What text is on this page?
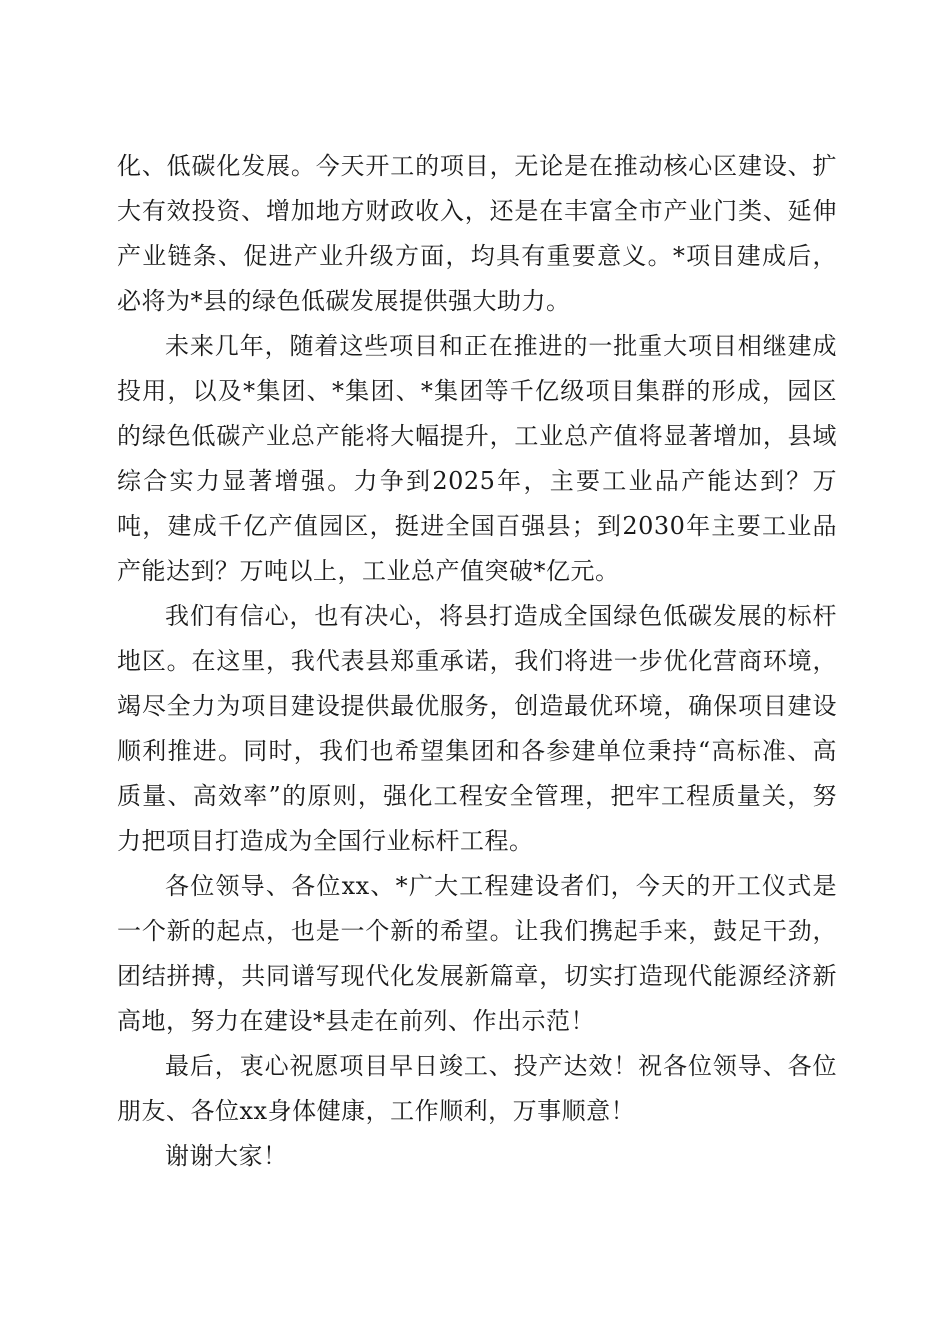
化、低碳化发展。今天开工的项目，无论是在推动核心区建设、扩大有效投资、增加地方财政收入，还是在丰富全市产业门类、延伸产业链条、促进产业升级方面，均具有重要意义。*项目建成后，必将为*县的绿色低碳发展提供强大助力。

未来几年，随着这些项目和正在推进的一批重大项目相继建成投用，以及*集团、*集团、*集团等千亿级项目集群的形成，园区的绿色低碳产业总产能将大幅提升，工业总产值将显著增加，县域综合实力显著增强。力争到2025年，主要工业品产能达到？万吨，建成千亿产值园区，挺进全国百强县；到2030年主要工业品产能达到？万吨以上，工业总产值突破*亿元。

我们有信心，也有决心，将县打造成全国绿色低碳发展的标杆地区。在这里，我代表县郑重承诺，我们将进一步优化营商环境，竭尽全力为项目建设提供最优服务，创造最优环境，确保项目建设顺利推进。同时，我们也希望集团和各参建单位秉持“高标准、高质量、高效率”的原则，强化工程安全管理，把牢工程质量关，努力把项目打造成为全国行业标杆工程。

各位领导、各位xx、*广大工程建设者们，今天的开工仪式是一个新的起点，也是一个新的希望。让我们携起手来，鼓足干劲，团结拼搏，共同谱写现代化发展新篇章，切实打造现代能源经济新高地，努力在建设*县走在前列、作出示范！

最后，衷心祝愿项目早日竣工、投产达效！祝各位领导、各位朋友、各位xx身体健康，工作顺利，万事顺意！

谢谢大家！
